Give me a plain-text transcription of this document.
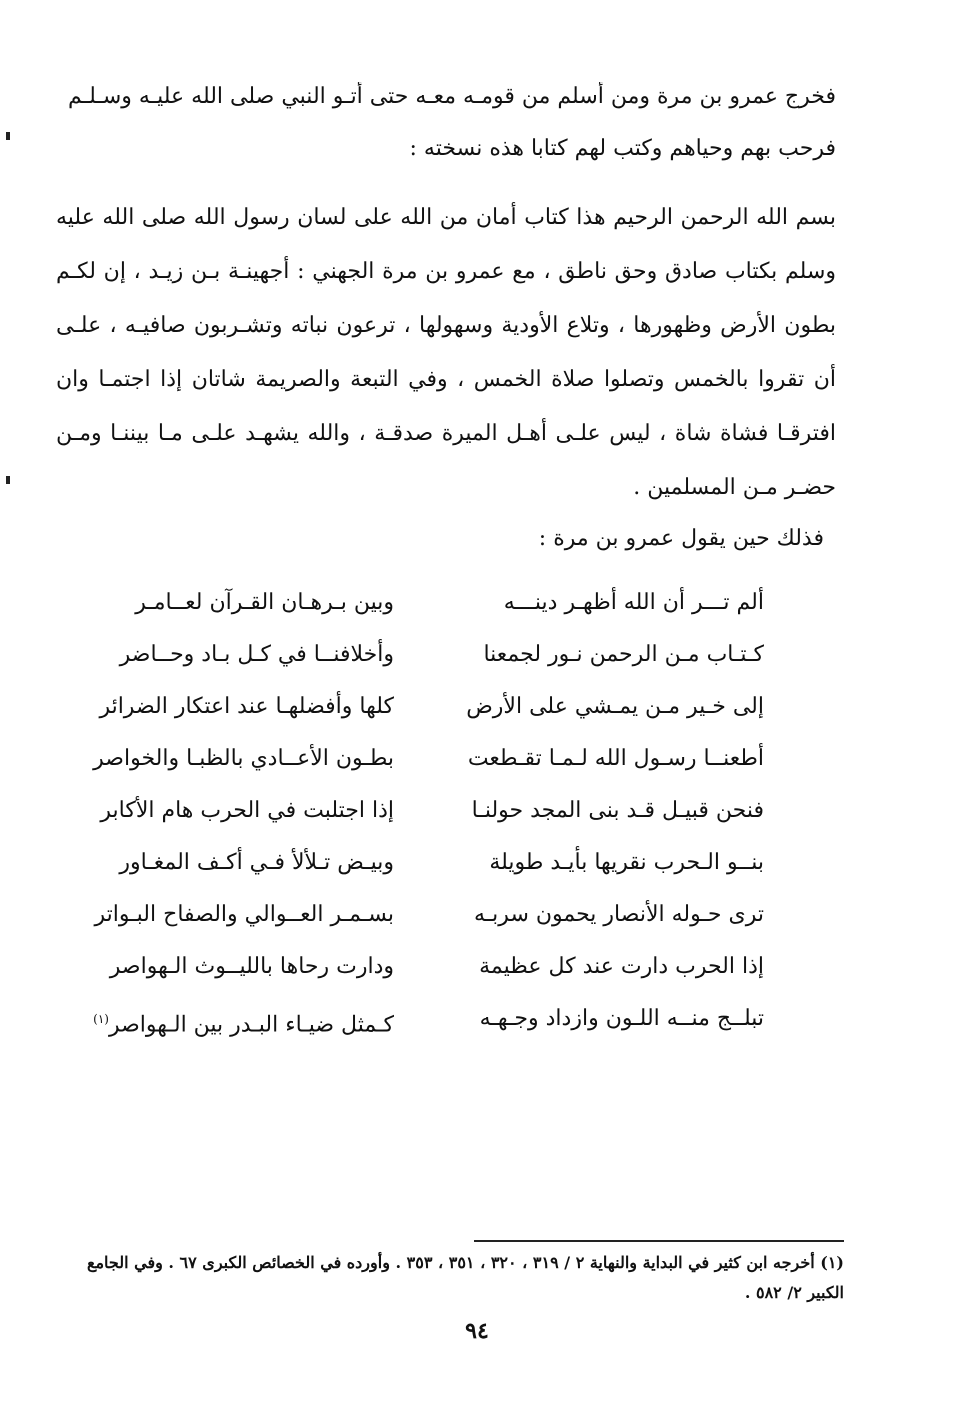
فخرج عمرو بن مرة ومن أسلم من قومـه معـه حتى أتـو النبي صلى الله عليـه وسـلـم
فرحب بهم وحياهم وكتب لهم كتابا هذه نسخته :
بسم الله الرحمن الرحيم هذا كتاب أمان من الله على لسان رسول الله صلى الله عليه وسلم بكتاب صادق وحق ناطق ، مع عمرو بن مرة الجهني : أجهينـة بـن زيـد ، إن لكـم بطون الأرض وظهورها ، وتلاع الأودية وسهولها ، ترعون نباته وتشـربون صافيـه ، علـى أن تقروا بالخمس وتصلوا صلاة الخمس ، وفي التبعة والصريمة شاتان إذا اجتمـا وان افترقـا فشاة شاة ، ليس علـى أهـل الميرة صدقـة ، والله يشهـد علـى مـا بيننـا ومـن حضـر مـن المسلمين .
فذلك حين يقول عمرو بن مرة :
ألم تـــر أن الله أظهـر دينـــه
وبين بـرهـان القـرآن لعــامـر
كـتـاب مـن الرحمن نـور لجمعنا
وأخلافنــا في كـل بـاد وحــاضر
إلى خـير مـن يمـشي على الأرض
كلها وأفضلهـا عند اعتكار الضرائر
أطعنــا رسـول الله لـمـا تقـطعت
بطـون الأعــادي بالظبـا والخواصر
فنحن قبيـل قـد بنى المجد حولنـا
إذا اجتلبت في الحرب هام الأكابر
بنــو الـحرب نقريها بأيـد طويلة
وبيـض تـلألأ فـي أكـف المغـاور
ترى حـوله الأنصار يحمون سربـه
بسـمـر العــوالي والصفاح البـواتر
إذا الحرب دارت عند كل عظيمة
ودارت رحاها بالليــوث الـهواصر
تبلــج منــه اللـون وازداد وجـهـه
كـمثل ضيـاء البـدر بين الـهواصر$^{(١)}$
(١) أخرجه ابن كثير في البداية والنهاية ٢ / ٣١٩ ، ٣٢٠ ، ٣٥١ ، ٣٥٣ . وأورده في الخصائص الكبرى ٦٧ . وفي الجامع
الكبير ٢/ ٥٨٢ .
٩٤
